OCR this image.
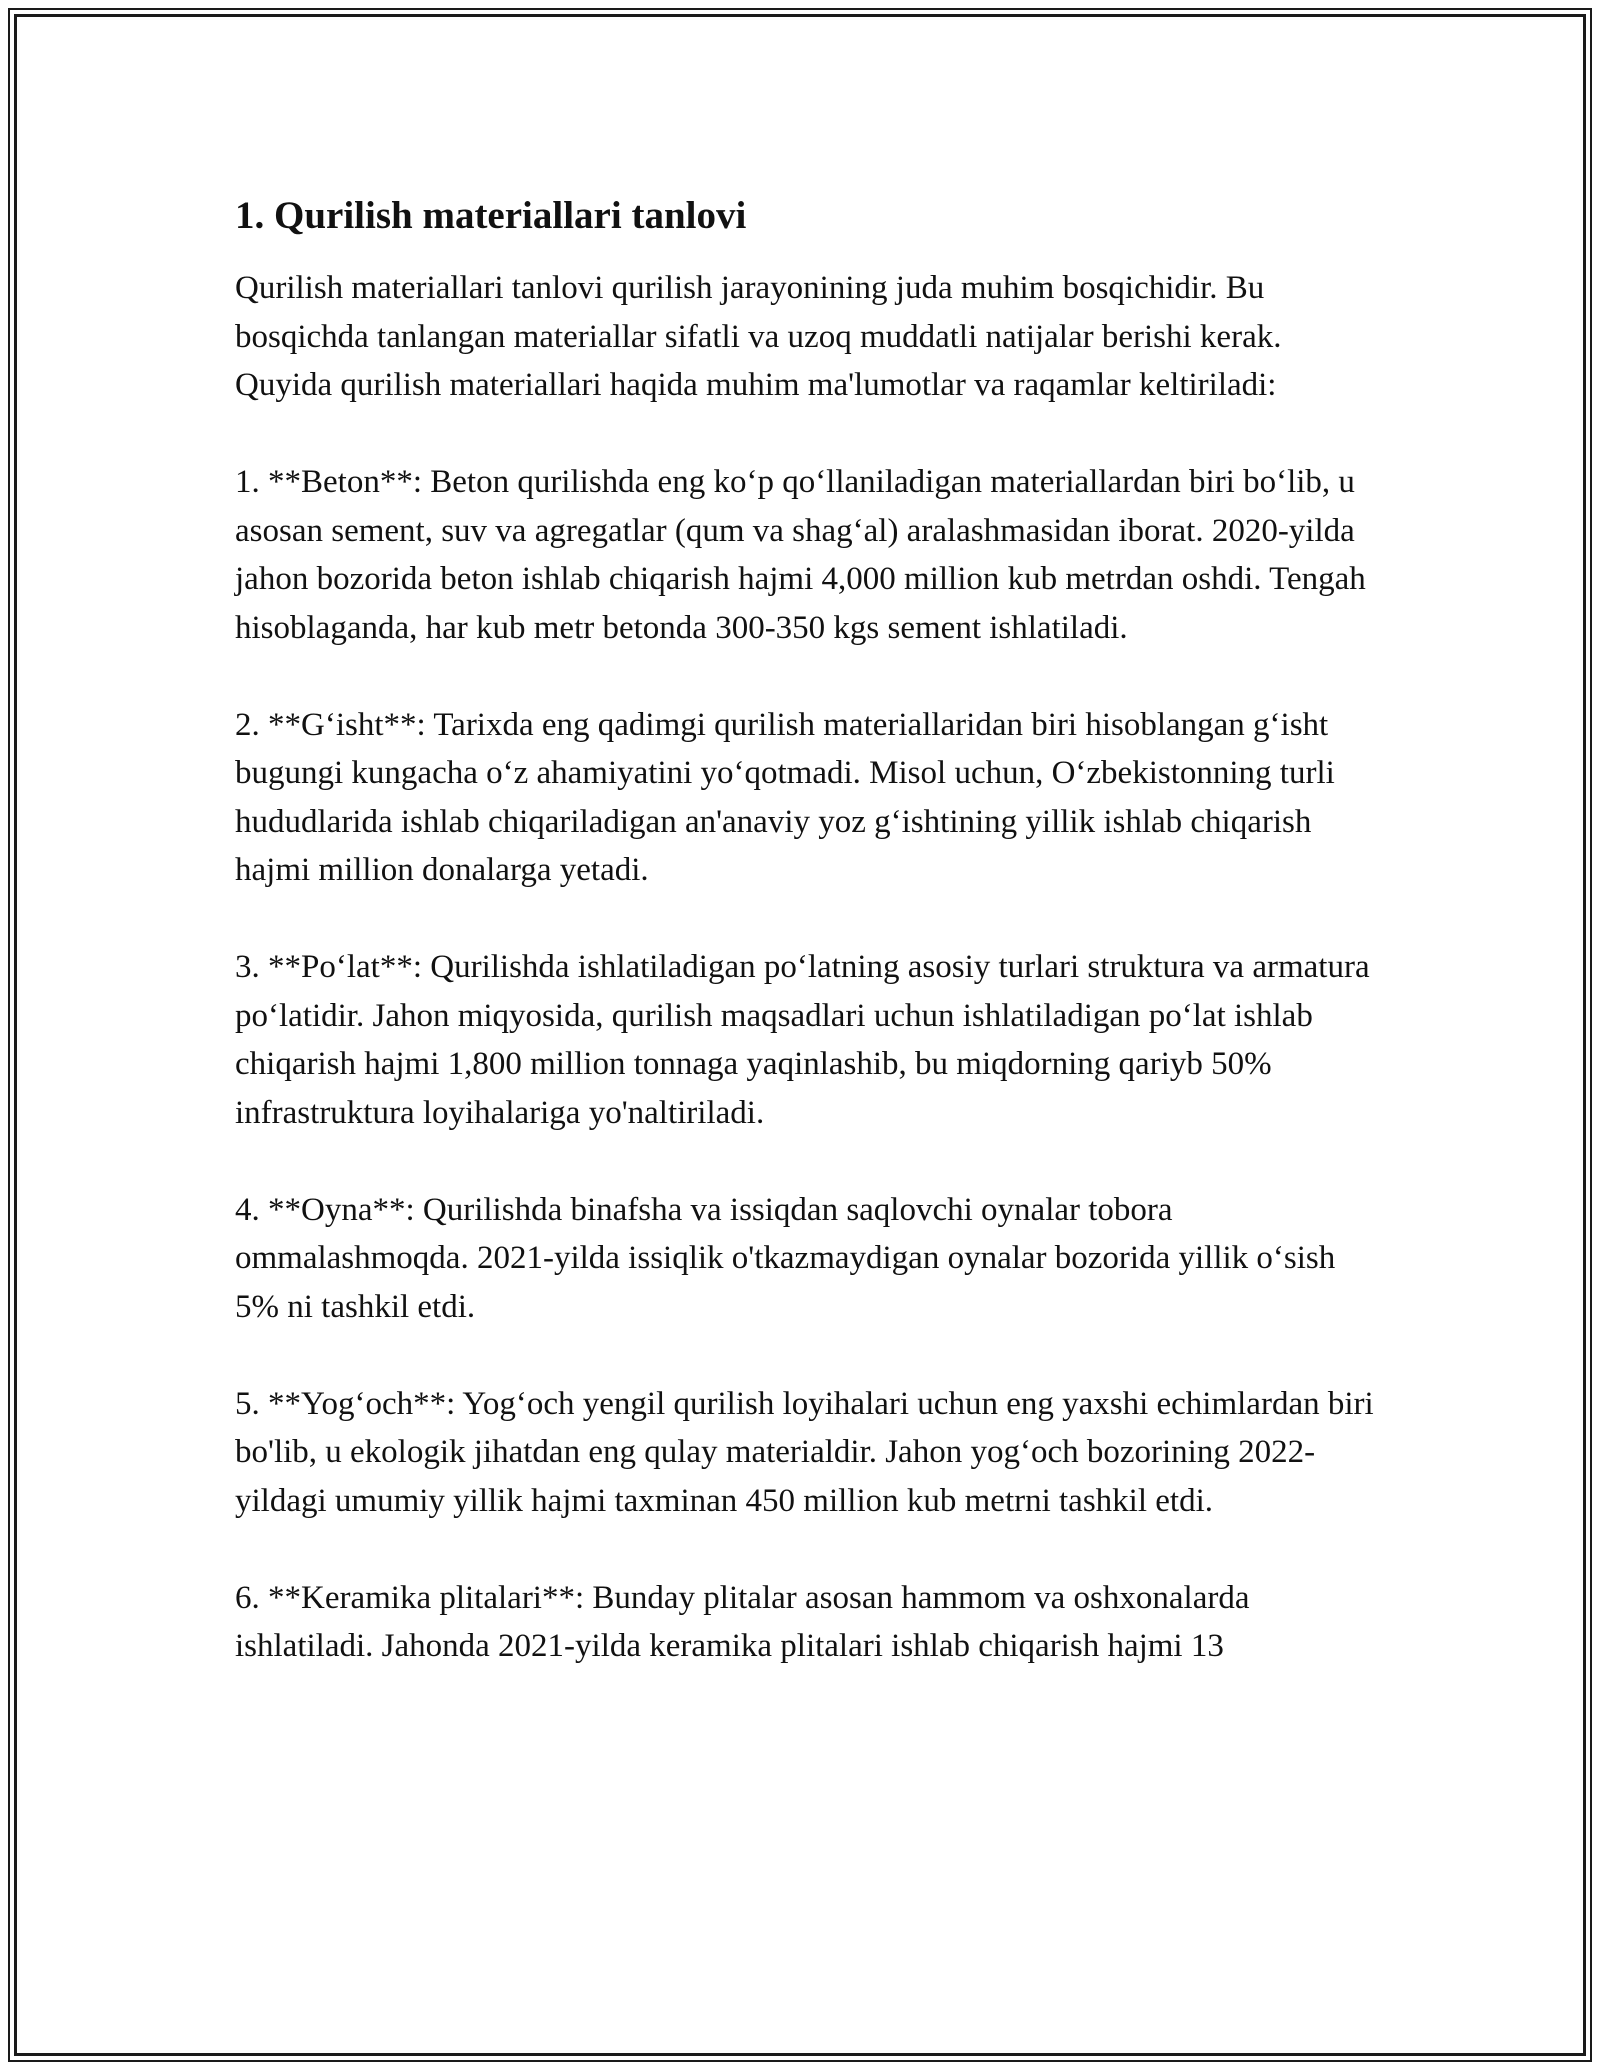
1. Qurilish materiallari tanlovi

Qurilish materiallari tanlovi qurilish jarayonining juda muhim bosqichidir. Bu bosqichda tanlangan materiallar sifatli va uzoq muddatli natijalar berishi kerak. Quyida qurilish materiallari haqida muhim ma'lumotlar va raqamlar keltiriladi:

1. **Beton**: Beton qurilishda eng ko‘p qo‘llaniladigan materiallardan biri bo‘lib, u asosan sement, suv va agregatlar (qum va shag‘al) aralashmasidan iborat. 2020-yilda jahon bozorida beton ishlab chiqarish hajmi 4,000 million kub metrdan oshdi. Tengah hisoblaganda, har kub metr betonda 300-350 kgs sement ishlatiladi.

2. **G‘isht**: Tarixda eng qadimgi qurilish materiallaridan biri hisoblangan g‘isht bugungi kungacha o‘z ahamiyatini yo‘qotmadi. Misol uchun, O‘zbekistonning turli hududlarida ishlab chiqariladigan an'anaviy yoz g‘ishtining yillik ishlab chiqarish hajmi million donalarga yetadi.

3. **Po‘lat**: Qurilishda ishlatiladigan po‘latning asosiy turlari struktura va armatura po‘latidir. Jahon miqyosida, qurilish maqsadlari uchun ishlatiladigan po‘lat ishlab chiqarish hajmi 1,800 million tonnaga yaqinlashib, bu miqdorning qariyb 50% infrastruktura loyihalariga yo'naltiriladi.

4. **Oyna**: Qurilishda binafsha va issiqdan saqlovchi oynalar tobora ommalashmoqda. 2021-yilda issiqlik o'tkazmaydigan oynalar bozorida yillik o‘sish 5% ni tashkil etdi.

5. **Yog‘och**: Yog‘och yengil qurilish loyihalari uchun eng yaxshi echimlardan biri bo'lib, u ekologik jihatdan eng qulay materialdir. Jahon yog‘och bozorining 2022-yildagi umumiy yillik hajmi taxminan 450 million kub metrni tashkil etdi.

6. **Keramika plitalari**: Bunday plitalar asosan hammom va oshxonalarda ishlatiladi. Jahonda 2021-yilda keramika plitalari ishlab chiqarish hajmi 13
